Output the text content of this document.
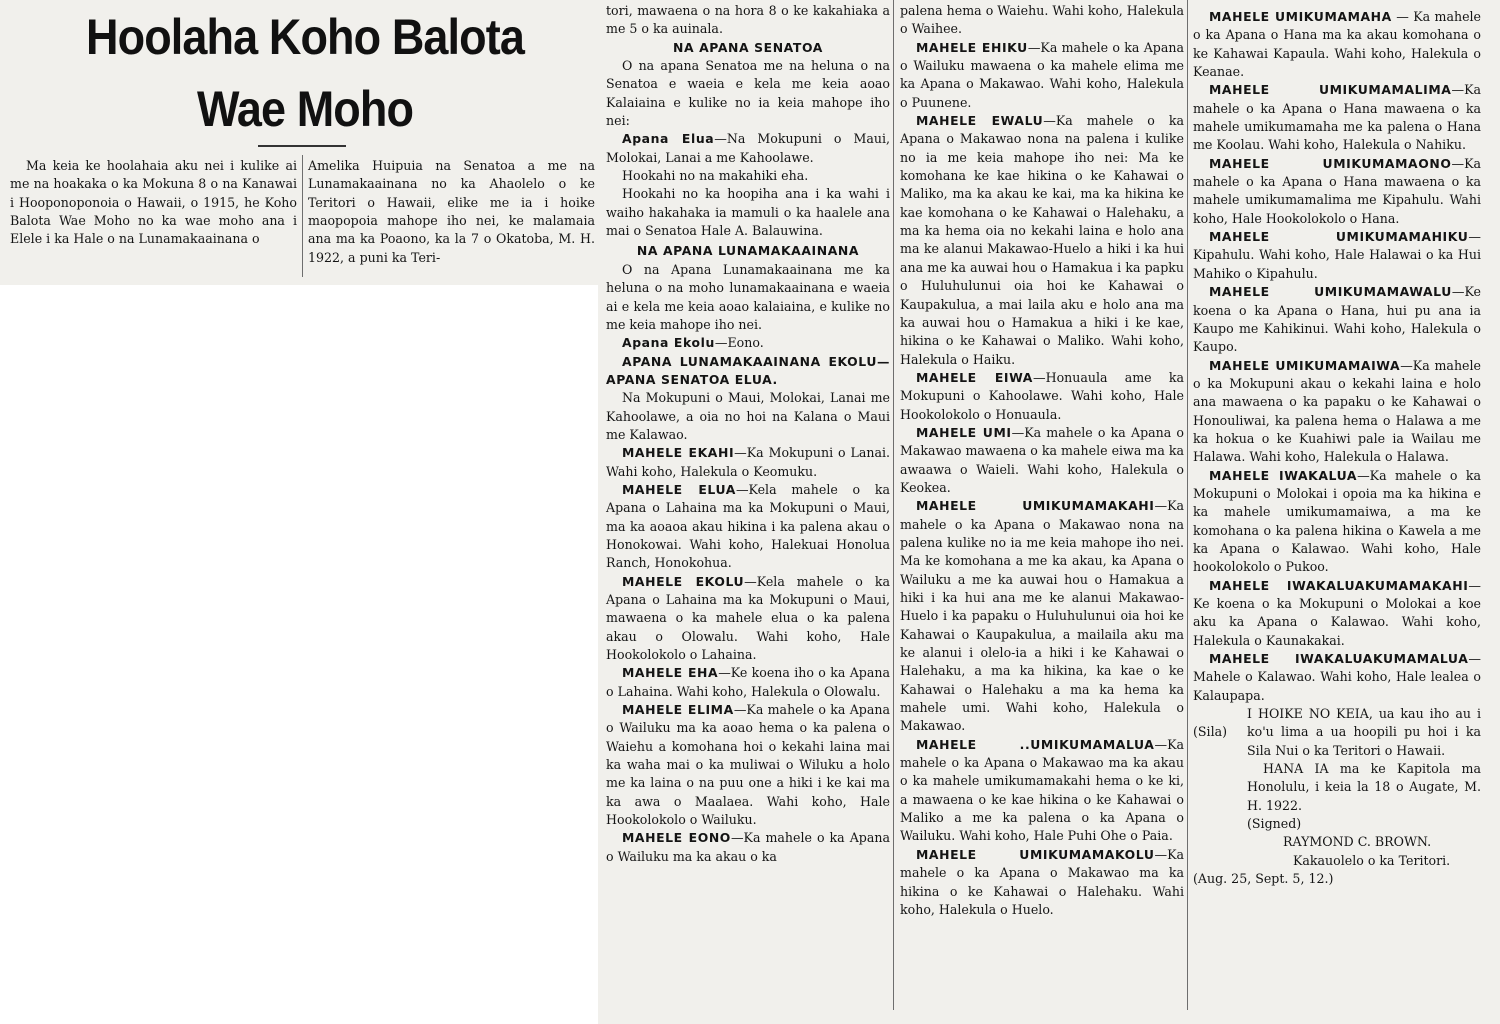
Hoolaha Koho Balota
Wae Moho

Ma keia ke hoolahaia aku nei i kulike ai me na hoakaka o ka Mokuna 8 o na Kanawai i Hooponoponoia o Hawaii, o 1915, he Koho Balota Wae Moho no ka wae moho ana i Elele i ka Hale o na Lunamakaainana o

Amelika Huipuia na Senatoa a me na Lunamakaainana no ka Ahaolelo o ke Teritori o Hawaii, elike me ia i hoike maopopoia mahope iho nei, ke malamaia ana ma ka Poaono, ka la 7 o Okatoba, M. H. 1922, a puni ka Teri-

tori, mawaena o na hora 8 o ke kakahiaka a me 5 o ka auinala.

NA APANA SENATOA

O na apana Senatoa me na heluna o na Senatoa e waeia e kela me keia aoao Kalaiaina e kulike no ia keia mahope iho nei:

Apana Elua—Na Mokupuni o Maui, Molokai, Lanai a me Kahoolawe.

Hookahi no na makahiki eha.

Hookahi no ka hoopiha ana i ka wahi i waiho hakahaka ia mamuli o ka haalele ana mai o Senatoa Hale A. Balauwina.

NA APANA LUNAMAKAAINANA

O na Apana Lunamakaainana me ka heluna o na moho lunamakaainana e waeia ai e kela me keia aoao kalaiaina, e kulike no me keia mahope iho nei.

Apana Ekolu—Eono.

APANA LUNAMAKAAINANA EKOLU—APANA SENATOA ELUA.

Na Mokupuni o Maui, Molokai, Lanai me Kahoolawe, a oia no hoi na Kalana o Maui me Kalawao.

MAHELE EKAHI—Ka Mokupuni o Lanai. Wahi koho, Halekula o Keomuku.

MAHELE ELUA—Kela mahele o ka Apana o Lahaina ma ka Mokupuni o Maui, ma ka aoaoa akau hikina i ka palena akau o Honokowai. Wahi koho, Halekuai Honolua Ranch, Honokohua.

MAHELE EKOLU—Kela mahele o ka Apana o Lahaina ma ka Mokupuni o Maui, mawaena o ka mahele elua o ka palena akau o Olowalu. Wahi koho, Hale Hookolokolo o Lahaina.

MAHELE EHA—Ke koena iho o ka Apana o Lahaina. Wahi koho, Halekula o Olowalu.

MAHELE ELIMA—Ka mahele o ka Apana o Wailuku ma ka aoao hema o ka palena o Waiehu a komohana hoi o kekahi laina mai ka waha mai o ka muliwai o Wiluku a holo me ka laina o na puu one a hiki i ke kai ma ka awa o Maalaea. Wahi koho, Hale Hookolokolo o Wailuku.

MAHELE EONO—Ka mahele o ka Apana o Wailuku ma ka akau o ka

palena hema o Waiehu. Wahi koho, Halekula o Waihee.

MAHELE EHIKU—Ka mahele o ka Apana o Wailuku mawaena o ka mahele elima me ka Apana o Makawao. Wahi koho, Halekula o Puunene.

MAHELE EWALU—Ka mahele o ka Apana o Makawao nona na palena i kulike no ia me keia mahope iho nei: Ma ke komohana ke kae hikina o ke Kahawai o Maliko, ma ka akau ke kai, ma ka hikina ke kae komohana o ke Kahawai o Halehaku, a ma ka hema oia no kekahi laina e holo ana ma ke alanui Makawao-Huelo a hiki i ka hui ana me ka auwai hou o Hamakua i ka papku o Huluhulunui oia hoi ke Kahawai o Kaupakulua, a mai laila aku e holo ana ma ka auwai hou o Hamakua a hiki i ke kae, hikina o ke Kahawai o Maliko. Wahi koho, Halekula o Haiku.

MAHELE EIWA—Honuaula ame ka Mokupuni o Kahoolawe. Wahi koho, Hale Hookolokolo o Honuaula.

MAHELE UMI—Ka mahele o ka Apana o Makawao mawaena o ka mahele eiwa ma ka awaawa o Waieli. Wahi koho, Halekula o Keokea.

MAHELE UMIKUMAMAKAHI—Ka mahele o ka Apana o Makawao nona na palena kulike no ia me keia mahope iho nei. Ma ke komohana a me ka akau, ka Apana o Wailuku a me ka auwai hou o Hamakua a hiki i ka hui ana me ke alanui Makawao-Huelo i ka papaku o Huluhulunui oia hoi ke Kahawai o Kaupakulua, a mailaila aku ma ke alanui i olelo-ia a hiki i ke Kahawai o Halehaku, a ma ka hikina, ka kae o ke Kahawai o Halehaku a ma ka hema ka mahele umi. Wahi koho, Halekula o Makawao.

MAHELE ..UMIKUMAMALUA—Ka mahele o ka Apana o Makawao ma ka akau o ka mahele umikumamakahi hema o ke ki, a mawaena o ke kae hikina o ke Kahawai o Maliko a me ka palena o ka Apana o Wailuku. Wahi koho, Hale Puhi Ohe o Paia.

MAHELE UMIKUMAMAKOLU—Ka mahele o ka Apana o Makawao ma ka hikina o ke Kahawai o Halehaku. Wahi koho, Halekula o Huelo.

MAHELE UMIKUMAMAHA — Ka mahele o ka Apana o Hana ma ka akau komohana o ke Kahawai Kapaula. Wahi koho, Halekula o Keanae.

MAHELE UMIKUMAMALIMA—Ka mahele o ka Apana o Hana mawaena o ka mahele umikumamaha me ka palena o Hana me Koolau. Wahi koho, Halekula o Nahiku.

MAHELE UMIKUMAMAONO—Ka mahele o ka Apana o Hana mawaena o ka mahele umikumamalima me Kipahulu. Wahi koho, Hale Hookolokolo o Hana.

MAHELE UMIKUMAMAHIKU—Kipahulu. Wahi koho, Hale Halawai o ka Hui Mahiko o Kipahulu.

MAHELE UMIKUMAMAWALU—Ke koena o ka Apana o Hana, hui pu ana ia Kaupo me Kahikinui. Wahi koho, Halekula o Kaupo.

MAHELE UMIKUMAMAIWA—Ka mahele o ka Mokupuni akau o kekahi laina e holo ana mawaena o ka papaku o ke Kahawai o Honouliwai, ka palena hema o Halawa a me ka hokua o ke Kuahiwi pale ia Wailau me Halawa. Wahi koho, Halekula o Halawa.

MAHELE IWAKALUA—Ka mahele o ka Mokupuni o Molokai i opoia ma ka hikina e ka mahele umikumamaiwa, a ma ke komohana o ka palena hikina o Kawela a me ka Apana o Kalawao. Wahi koho, Hale hookolokolo o Pukoo.

MAHELE IWAKALUAKUMAMAKAHI—Ke koena o ka Mokupuni o Molokai a koe aku ka Apana o Kalawao. Wahi koho, Halekula o Kaunakakai.

MAHELE IWAKALUAKUMAMALUA—Mahele o Kalawao. Wahi koho, Hale lealea o Kalaupapa.

(Sila)

I HOIKE NO KEIA, ua kau iho au i ko'u lima a ua hoopili pu hoi i ka Sila Nui o ka Teritori o Hawaii.

HANA IA ma ke Kapitola ma Honolulu, i keia la 18 o Augate, M. H. 1922.

(Signed)

RAYMOND C. BROWN.

Kakauolelo o ka Teritori.

(Aug. 25, Sept. 5, 12.)
